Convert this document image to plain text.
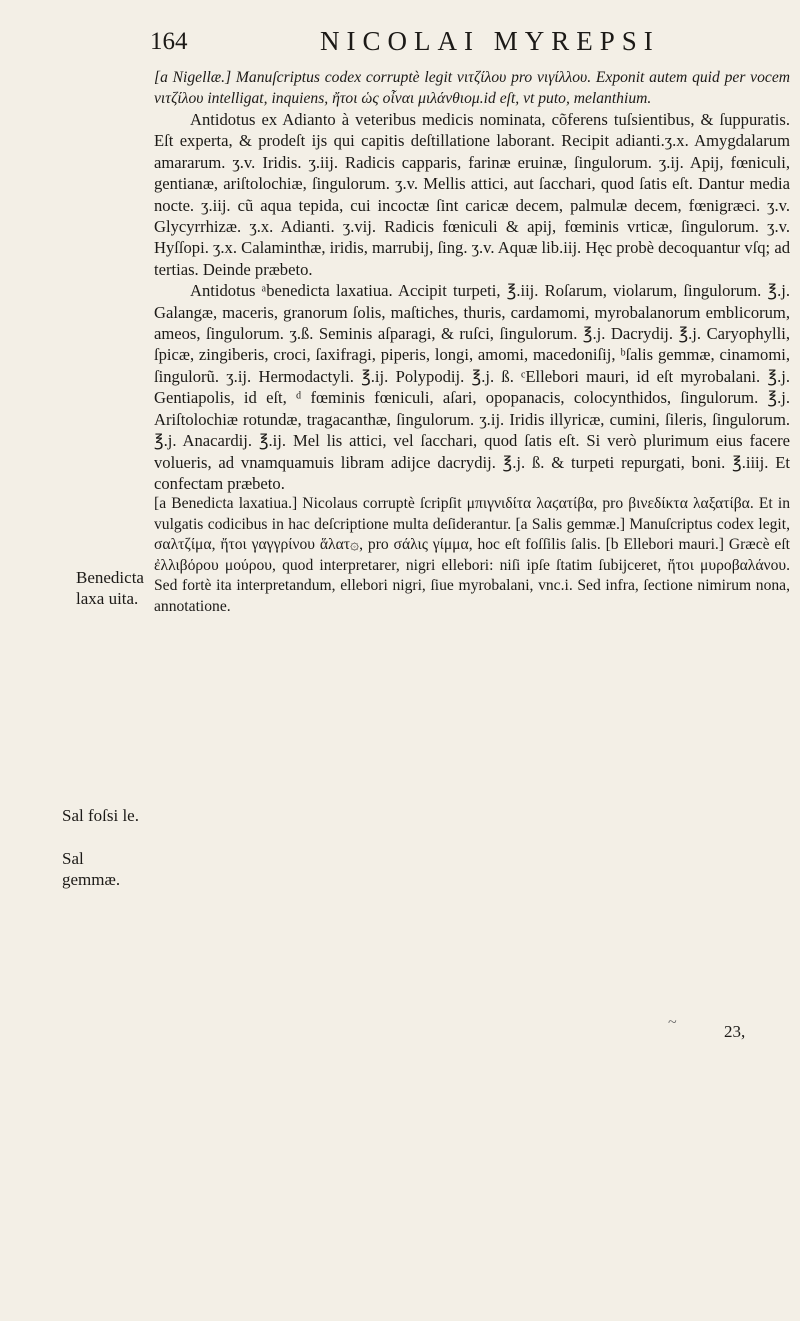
164	NICOLAI MYREPSI

[a Nigellæ.] Manuſcriptus codex corruptè legit νιτζίλου pro νιγίλλου. Exponit autem quid per vocem νιτζίλου intelligat, inquiens, ἤτοι ὡς οἶναι μιλάνθιομ.id eſt, vt puto, melanthium.

Antidotus ex Adianto à veteribus medicis nominata, cõferens tuſsientibus, & ſuppuratis. Eſt experta, & prodeſt ijs qui capitis deſtillatione laborant. Recipit adianti.ʒ.x. Amygdalarum amararum. ʒ.v. Iridis. ʒ.iij. Radicis capparis, farinæ eruinæ, ſingulorum. ʒ.ij. Apij, fœniculi, gentianæ, ariſtolochiæ, ſingulorum. ʒ.v. Mellis attici, aut ſacchari, quod ſatis eſt. Dantur media nocte. ʒ.iij. cũ aqua tepida, cui incoctæ ſint caricæ decem, palmulæ decem, fœnigræci. ʒ.v. Glycyrrhizæ. ʒ.x. Adianti. ʒ.vij. Radicis fœniculi & apij, fœminis vrticæ, ſingulorum. ʒ.v. Hyſſopi. ʒ.x. Calaminthæ, iridis, marrubij, ſing. ʒ.v. Aquæ lib.iij. Hęc probè decoquantur vſq; ad tertias. Deinde præbeto.

Antidotus ᵃbenedicta laxatiua. Accipit turpeti, ℥.iij. Roſarum, violarum, ſingulorum. ℥.j. Galangæ, maceris, granorum ſolis, maſtiches, thuris, cardamomi, myrobalanorum emblicorum, ameos, ſingulorum. ʒ.ß. Seminis aſparagi, & ruſci, ſingulorum. ℥.j. Dacrydij. ℥.j. Caryophylli, ſpicæ, zingiberis, croci, ſaxifragi, piperis, longi, amomi, macedoniſij, ᵇſalis gemmæ, cinamomi, ſingulorũ. ʒ.ij. Hermodactyli. ℥.ij. Polypodij. ℥.j. ß. ᶜEllebori mauri, id eſt myrobalani. ℥.j. Gentiapolis, id eſt, ᵈ fœminis fœniculi, aſari, opopanacis, colocynthidos, ſingulorum. ℥.j. Ariſtolochiæ rotundæ, tragacanthæ, ſingulorum. ʒ.ij. Iridis illyricæ, cumini, ſileris, ſingulorum. ℥.j. Anacardij. ℥.ij. Mel lis attici, vel ſacchari, quod ſatis eſt. Si verò plurimum eius facere volueris, ad vnamquamuis libram adijce dacrydij. ℥.j. ß. & turpeti repurgati, boni. ℥.iiij. Et confectam præbeto.

[a Benedicta laxatiua.] Nicolaus corruptè ſcripſit μπιγνιδίτα λαϛατίβα, pro βινεδίκτα λαξατίβα. Et in vulgatis codicibus in hac deſcriptione multa deſiderantur. [a Salis gemmæ.] Manuſcriptus codex legit, σαλτζίμα, ἤτοι γαγγρίνου ἅλατ۞, pro σάλις γίμμα, hoc eſt foſſilis ſalis. [b Ellebori mauri.] Græcè eſt ἐλλιβόρου μούρου, quod interpretarer, nigri ellebori: niſi ipſe ſtatim ſubijceret, ἤτοι μυροβαλάνου. Sed fortè ita interpretandum, ellebori nigri, ſiue myrobalani, vnc.i. Sed infra, ſectione nimirum nona, annotatione.

Benedicta laxa uita.
Sal foſsi le.
Sal gemmæ.
~	23,
